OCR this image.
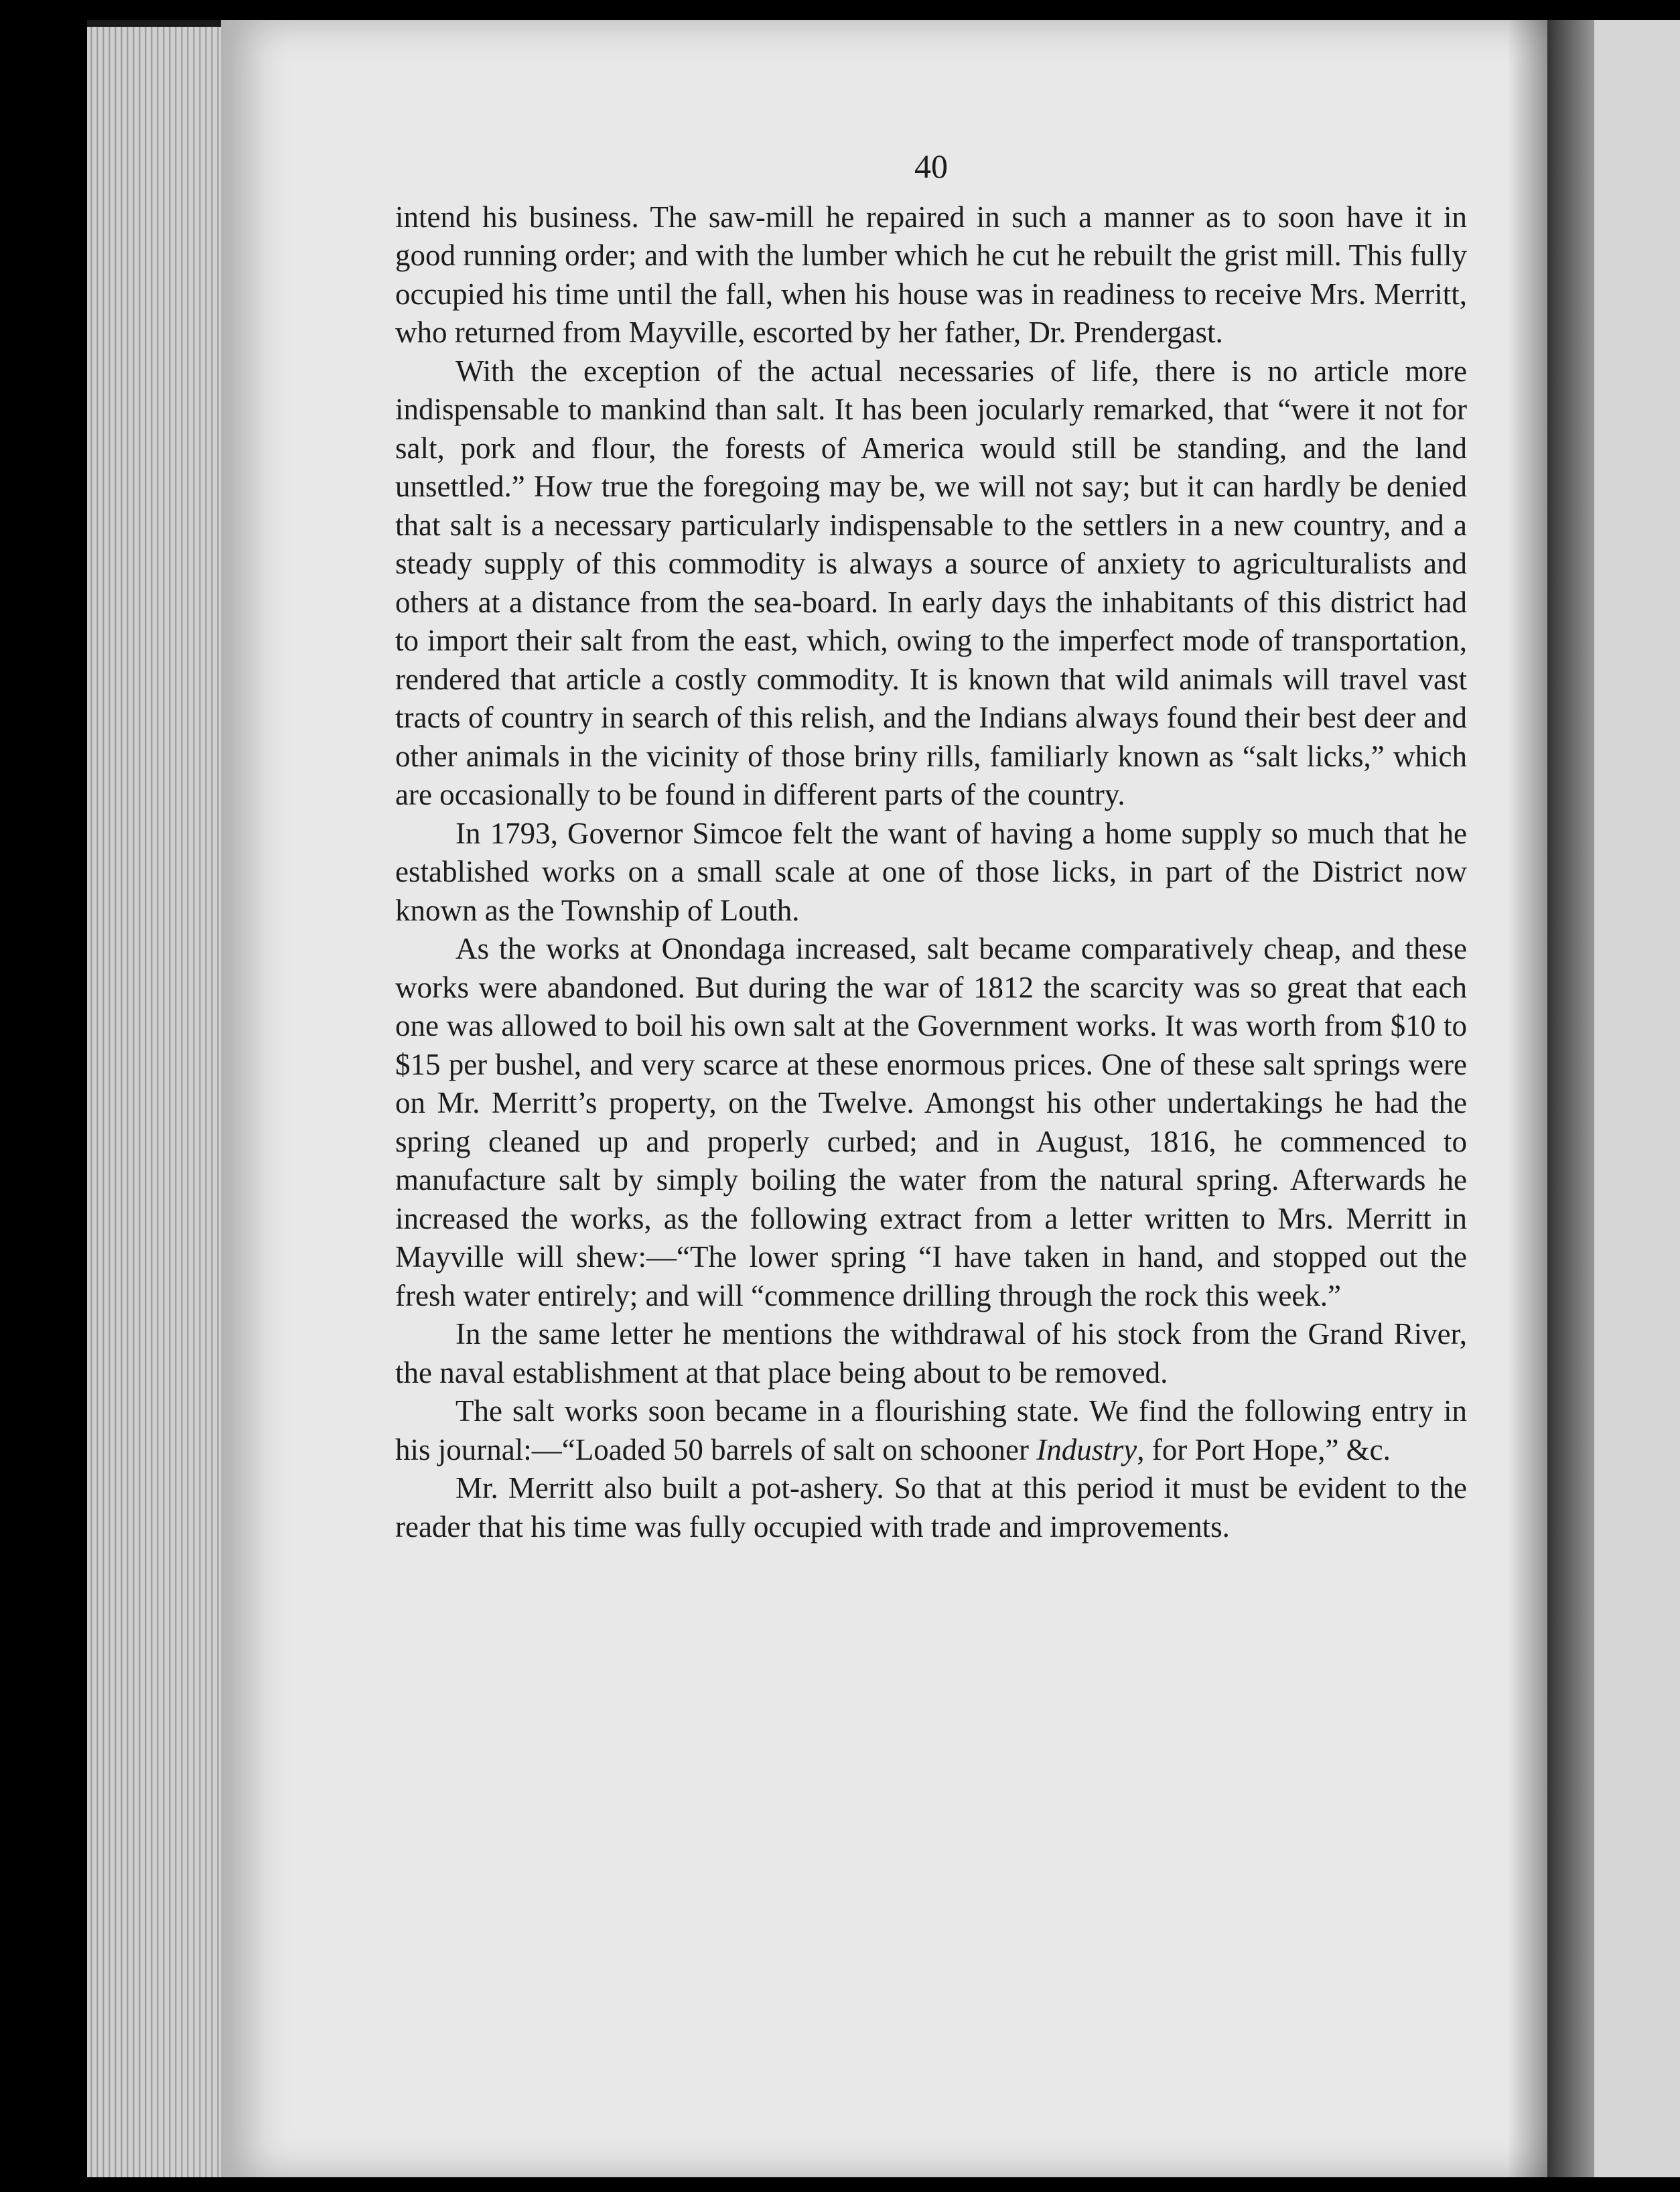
40

intend his business. The saw-mill he repaired in such a manner as to soon have it in good running order; and with the lumber which he cut he rebuilt the grist mill. This fully occupied his time until the fall, when his house was in readiness to receive Mrs. Merritt, who returned from Mayville, escorted by her father, Dr. Prendergast.

With the exception of the actual necessaries of life, there is no article more indispensable to mankind than salt. It has been jocularly remarked, that “were it not for salt, pork and flour, the forests of America would still be standing, and the land unsettled.” How true the foregoing may be, we will not say; but it can hardly be denied that salt is a necessary particularly indispensable to the settlers in a new country, and a steady supply of this commodity is always a source of anxiety to agriculturalists and others at a distance from the sea-board. In early days the inhabitants of this district had to import their salt from the east, which, owing to the imperfect mode of transportation, rendered that article a costly commodity. It is known that wild animals will travel vast tracts of country in search of this relish, and the Indians always found their best deer and other animals in the vicinity of those briny rills, familiarly known as “salt licks,” which are occasionally to be found in different parts of the country.

In 1793, Governor Simcoe felt the want of having a home supply so much that he established works on a small scale at one of those licks, in part of the District now known as the Township of Louth.

As the works at Onondaga increased, salt became comparatively cheap, and these works were abandoned. But during the war of 1812 the scarcity was so great that each one was allowed to boil his own salt at the Government works. It was worth from $10 to $15 per bushel, and very scarce at these enormous prices. One of these salt springs were on Mr. Merritt’s property, on the Twelve. Amongst his other undertakings he had the spring cleaned up and properly curbed; and in August, 1816, he commenced to manufacture salt by simply boiling the water from the natural spring. Afterwards he increased the works, as the following extract from a letter written to Mrs. Merritt in Mayville will shew:—“The lower spring “I have taken in hand, and stopped out the fresh water entirely; and will “commence drilling through the rock this week.”

In the same letter he mentions the withdrawal of his stock from the Grand River, the naval establishment at that place being about to be removed.

The salt works soon became in a flourishing state. We find the following entry in his journal:—“Loaded 50 barrels of salt on schooner Industry, for Port Hope,” &c.

Mr. Merritt also built a pot-ashery. So that at this period it must be evident to the reader that his time was fully occupied with trade and improvements.
